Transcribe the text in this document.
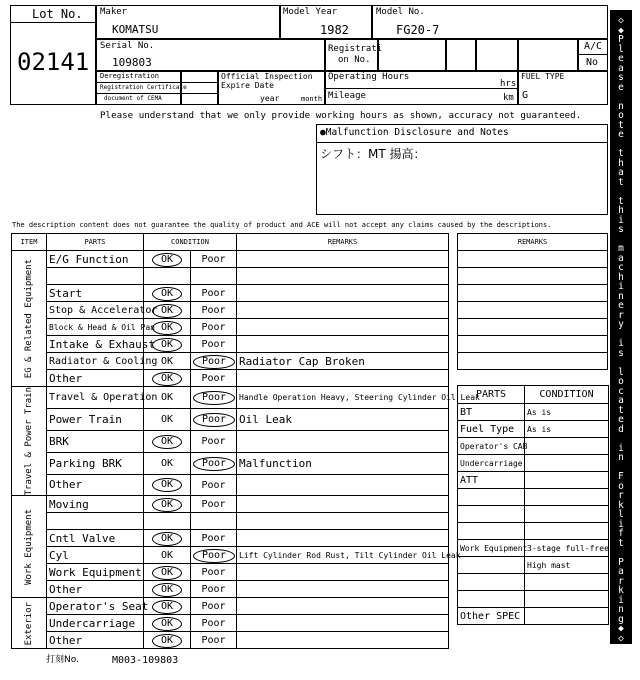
Lot No.
02141
Maker
KOMATSU
Model Year
1982
Model No.
FG20-7
Serial No.
109803
Registrati
on No.
A/C
No
Deregistration
Registration Certificate
document of CEMA
Official Inspection
Expire Date
year	month
Operating Hours
hrs
Mileage	km
FUEL TYPE
G
Please understand that we only provide working hours as shown, accuracy not guaranteed.
●Malfunction Disclosure and Notes
シフト：MT 揚高：
The description content does not guarantee the quality of product and ACE will not accept any claims caused by the descriptions.
ITEM	PARTS	CONDITION		REMARKS

EG & Related Equipment	E/G Function	OK	Poor	

	Start	OK	Poor	
	Stop & Accelerator	OK	Poor	
	Block & Head & Oil Pan	OK	Poor	
	Intake & Exhaust	OK	Poor	
	Radiator & Cooling	OK	Poor	Radiator Cap Broken
	Other	OK	Poor	

Travel & Power Train	Travel & Operation	OK	Poor	Handle Operation Heavy, Steering Cylinder Oil Leak
	Power Train	OK	Poor	Oil Leak
	BRK	OK	Poor	
	Parking BRK	OK	Poor	Malfunction
	Other	OK	Poor	

Work Equipment	Moving	OK	Poor	

	Cntl Valve	OK	Poor	
	Cyl	OK	Poor	Lift Cylinder Rod Rust, Tilt Cylinder Oil Leak
	Work Equipment	OK	Poor	
	Other	OK	Poor	

Exterior	Operator's Seat	OK	Poor	
	Undercarriage	OK	Poor	
	Other	OK	Poor	
REMARKS

PARTS	CONDITION
BT	As is
Fuel Type	As is
Operator's CAB	
Undercarriage	
ATT	

Work Equipment	3-stage full-free
	High mast

Other SPEC	
◇
◆
P
l
e
a
s
e

n
o
t
e

t
h
a
t

t
h
i
s

m
a
c
h
i
n
e
r
y

i
s

l
o
c
a
t
e
d

i
n

F
o
r
k
l
i
f
t

P
a
r
k
i
n
g
◆
◇
打刻No.	M003-109803
